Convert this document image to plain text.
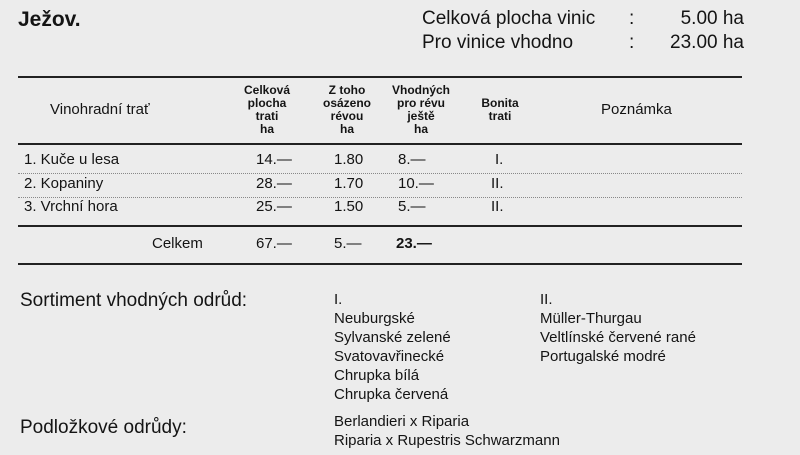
Ježov.	Celková plocha vinic : 5.00 ha
Pro vinice vhodno	: 23.00 ha
Vinohradní trať
Celková
plocha
trati
ha
Z toho
osázeno
révou
ha
Vhodných
pro révu
ještě
ha
Bonita
trati	Poznámka
1. Kuče u lesa	14.—	1.80 8.—	I.
2. Kopaniny	28.—	1.70 10.—	II.
3. Vrchní hora	25.—	1.50 5.—	II.
Celkem	67.—	5.— 23.—
Sortiment vhodných odrůd:	I.
Neuburgské
Sylvanské zelené
Svatovavřinecké
Chrupka bílá
Chrupka červená
II.
Müller-Thurgau
Veltlínské červené rané
Portugalské modré
Podložkové odrůdy:	Berlandieri x Riparia
Riparia x Rupestris Schwarzmann
